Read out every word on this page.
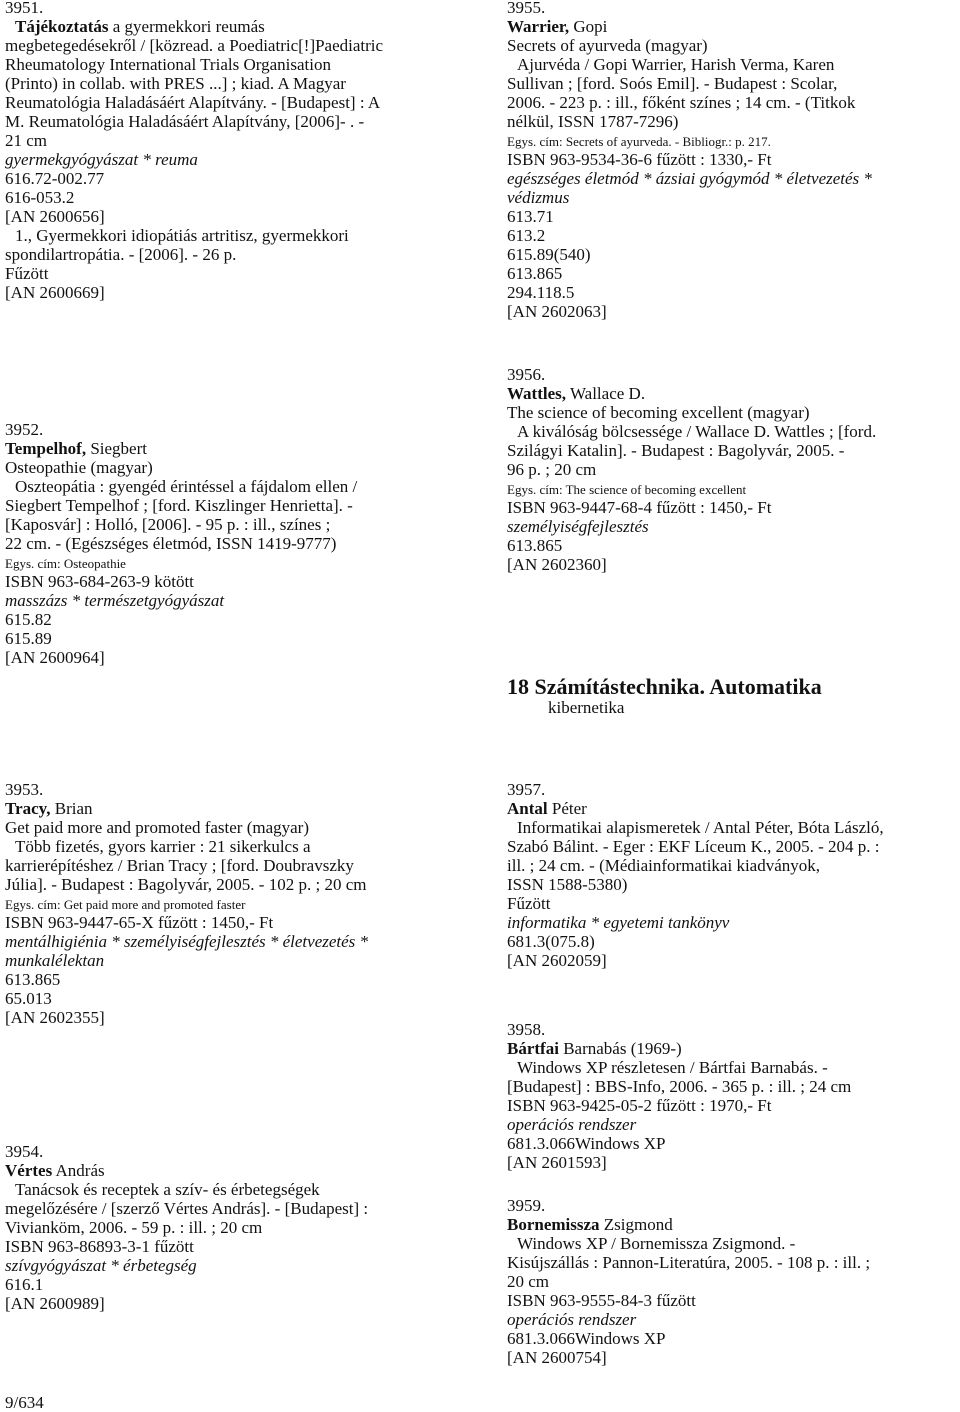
3951.
Tájékoztatás a gyermekkori reumás
megbetegedésekről / [közread. a Poediatric[!]Paediatric
Rheumatology International Trials Organisation
(Printo) in collab. with PRES ...] ; kiad. A Magyar
Reumatológia Haladásáért Alapítvány. - [Budapest] : A
M. Reumatológia Haladásáért Alapítvány, [2006]- . -
21 cm
gyermekgyógyászat * reuma
616.72-002.77
616-053.2
[AN 2600656]
1., Gyermekkori idiopátiás artritisz, gyermekkori
spondilartropátia. - [2006]. - 26 p.
Fűzött
[AN 2600669]
3952.
Tempelhof, Siegbert
Osteopathie (magyar)
Oszteopátia : gyengéd érintéssel a fájdalom ellen /
Siegbert Tempelhof ; [ford. Kiszlinger Henrietta]. -
[Kaposvár] : Holló, [2006]. - 95 p. : ill., színes ;
22 cm. - (Egészséges életmód, ISSN 1419-9777)
Egys. cím: Osteopathie
ISBN 963-684-263-9 kötött
masszázs * természetgyógyászat
615.82
615.89
[AN 2600964]
3953.
Tracy, Brian
Get paid more and promoted faster (magyar)
Több fizetés, gyors karrier : 21 sikerkulcs a
karrierépítéshez / Brian Tracy ; [ford. Doubravszky
Júlia]. - Budapest : Bagolyvár, 2005. - 102 p. ; 20 cm
Egys. cím: Get paid more and promoted faster
ISBN 963-9447-65-X fűzött : 1450,- Ft
mentálhigiénia * személyiségfejlesztés * életvezetés *
munkalélektan
613.865
65.013
[AN 2602355]
3954.
Vértes András
Tanácsok és receptek a szív- és érbetegségek
megelőzésére / [szerző Vértes András]. - [Budapest] :
Vivianköm, 2006. - 59 p. : ill. ; 20 cm
ISBN 963-86893-3-1 fűzött
szívgyógyászat * érbetegség
616.1
[AN 2600989]
3955.
Warrier, Gopi
Secrets of ayurveda (magyar)
Ajurvéda / Gopi Warrier, Harish Verma, Karen
Sullivan ; [ford. Soós Emil]. - Budapest : Scolar,
2006. - 223 p. : ill., főként színes ; 14 cm. - (Titkok
nélkül, ISSN 1787-7296)
Egys. cím: Secrets of ayurveda. - Bibliogr.: p. 217.
ISBN 963-9534-36-6 fűzött : 1330,- Ft
egészséges életmód * ázsiai gyógymód * életvezetés *
védizmus
613.71
613.2
615.89(540)
613.865
294.118.5
[AN 2602063]
3956.
Wattles, Wallace D.
The science of becoming excellent (magyar)
A kiválóság bölcsessége / Wallace D. Wattles ; [ford.
Szilágyi Katalin]. - Budapest : Bagolyvár, 2005. -
96 p. ; 20 cm
Egys. cím: The science of becoming excellent
ISBN 963-9447-68-4 fűzött : 1450,- Ft
személyiségfejlesztés
613.865
[AN 2602360]
3957.
Antal Péter
Informatikai alapismeretek / Antal Péter, Bóta László,
Szabó Bálint. - Eger : EKF Líceum K., 2005. - 204 p. :
ill. ; 24 cm. - (Médiainformatikai kiadványok,
ISSN 1588-5380)
Fűzött
informatika * egyetemi tankönyv
681.3(075.8)
[AN 2602059]
3958.
Bártfai Barnabás (1969-)
Windows XP részletesen / Bártfai Barnabás. -
[Budapest] : BBS-Info, 2006. - 365 p. : ill. ; 24 cm
ISBN 963-9425-05-2 fűzött : 1970,- Ft
operációs rendszer
681.3.066Windows XP
[AN 2601593]
3959.
Bornemissza Zsigmond
Windows XP / Bornemissza Zsigmond. -
Kisújszállás : Pannon-Literatúra, 2005. - 108 p. : ill. ;
20 cm
ISBN 963-9555-84-3 fűzött
operációs rendszer
681.3.066Windows XP
[AN 2600754]
18 Számítástechnika. Automatika
kibernetika
9/634
